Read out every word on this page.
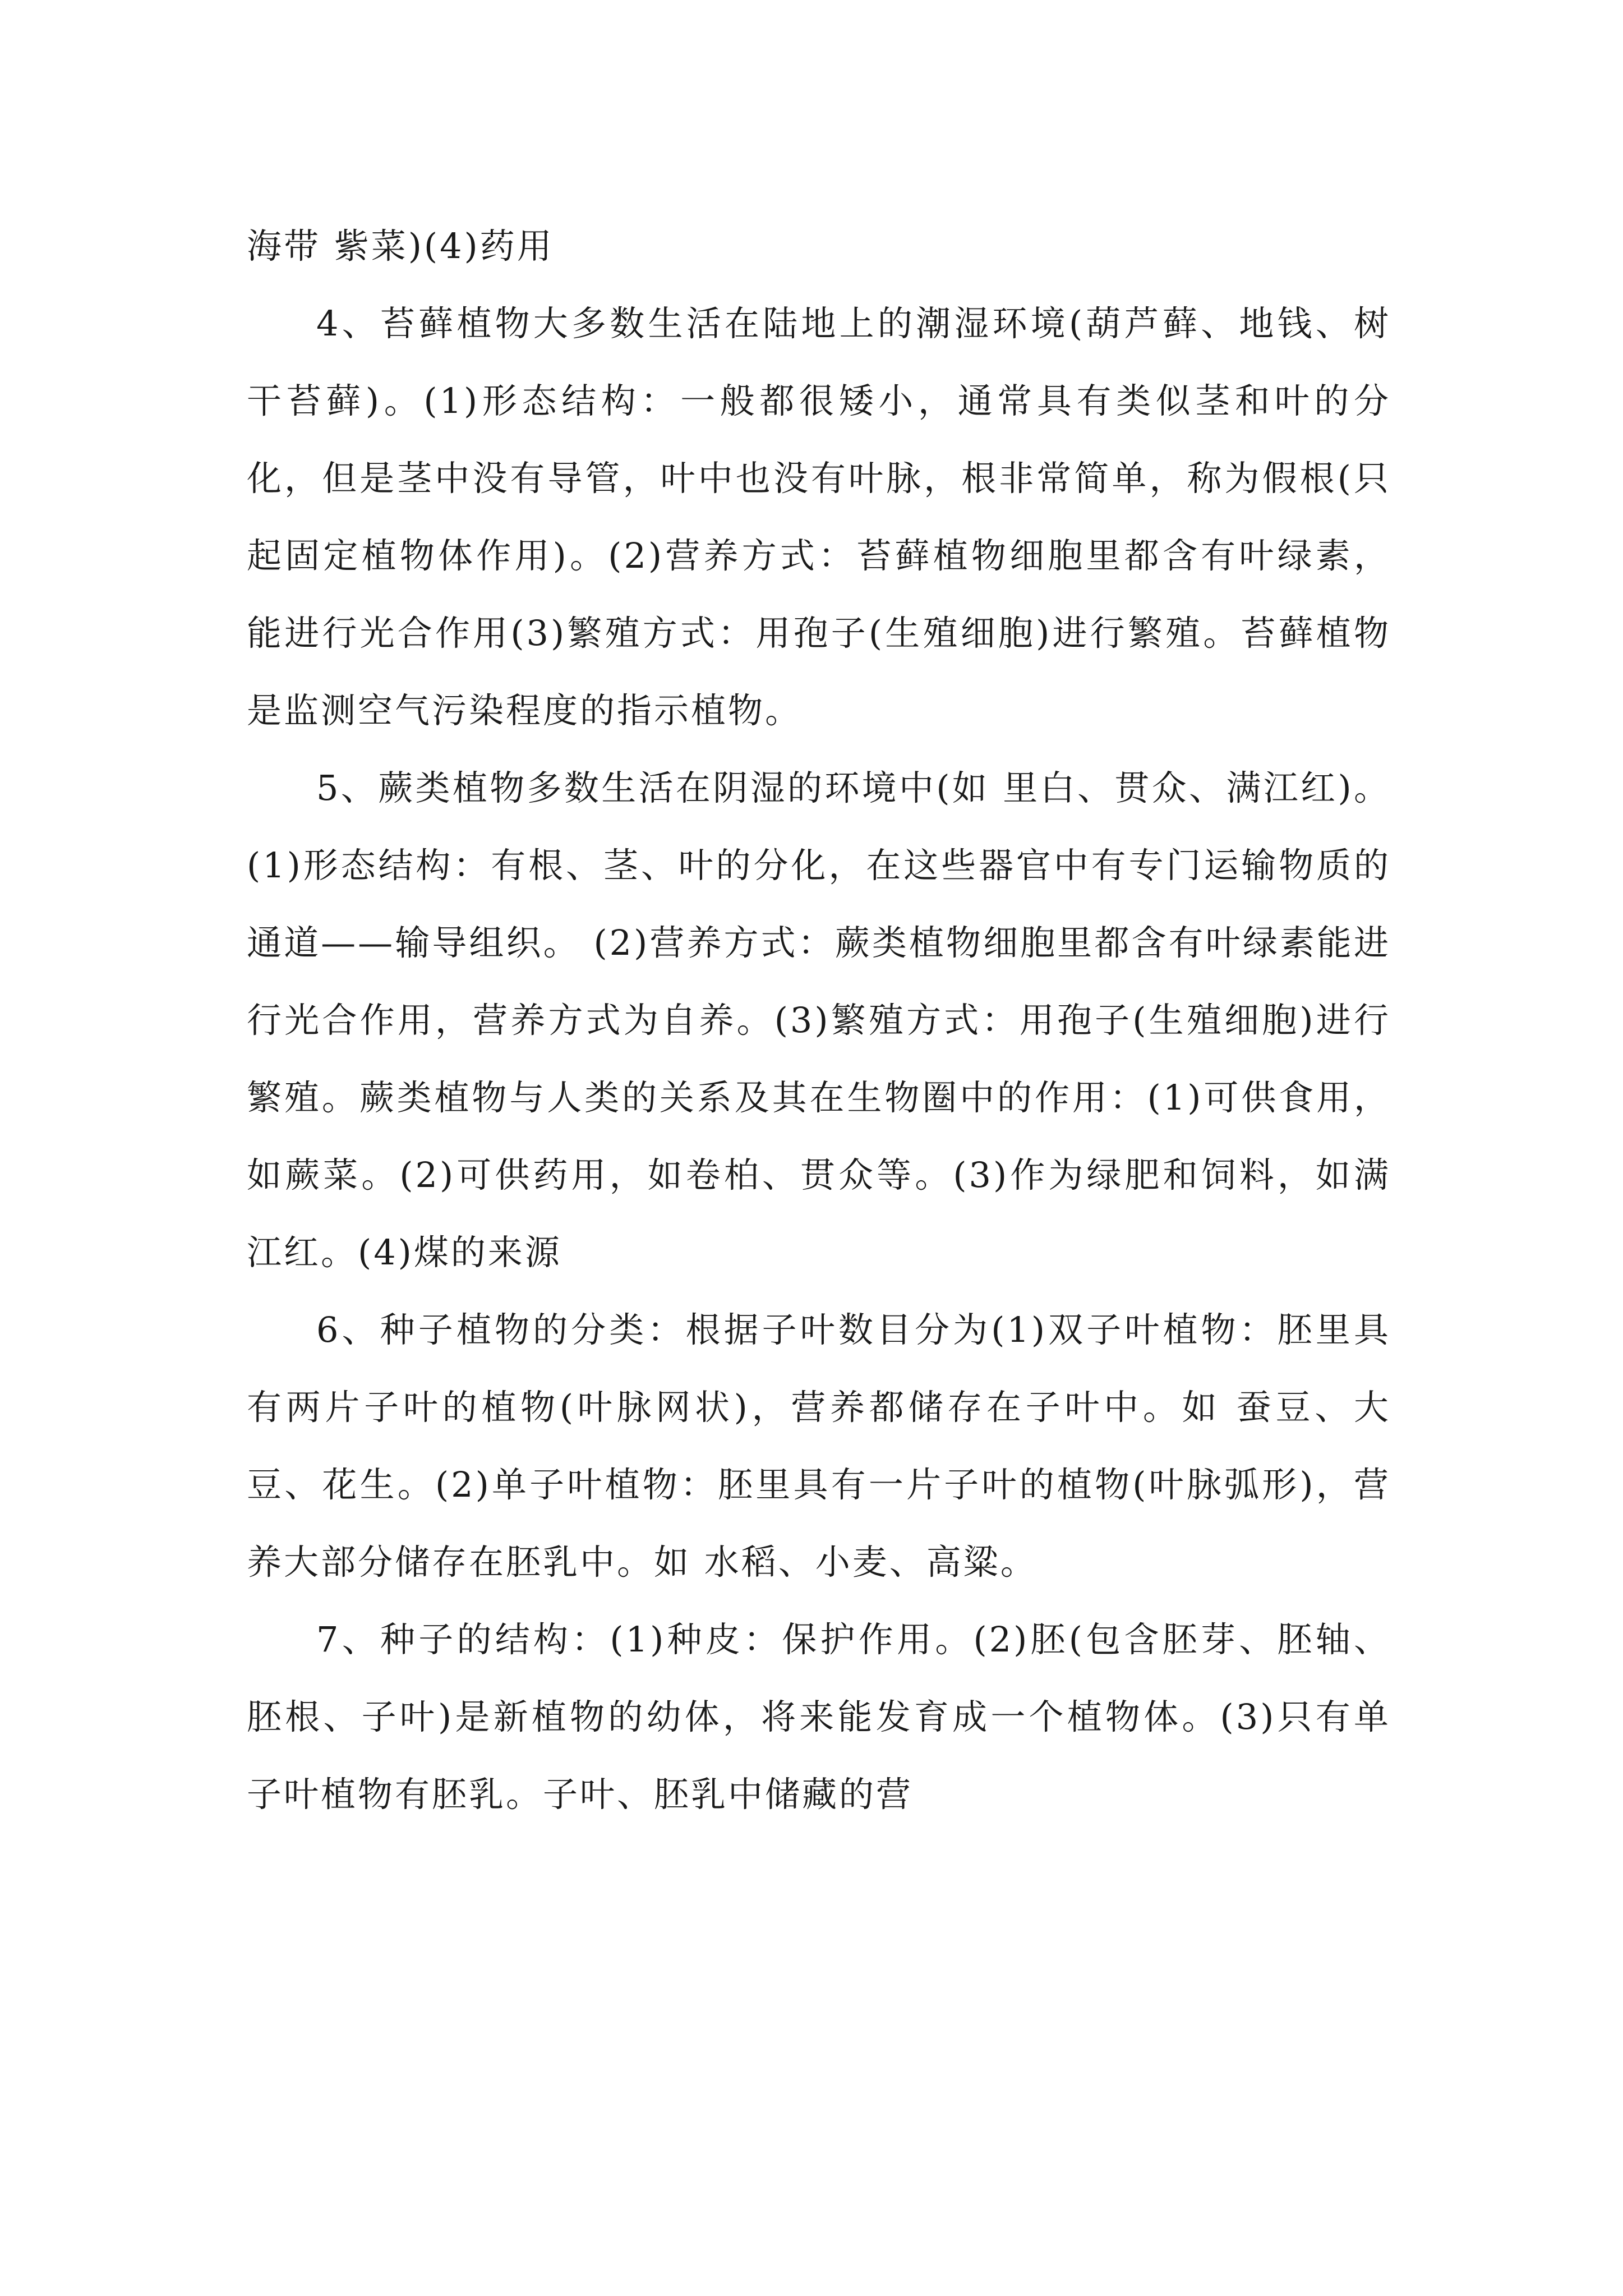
海带 紫菜)(4)药用

4、苔藓植物大多数生活在陆地上的潮湿环境(葫芦藓、地钱、树干苔藓)。(1)形态结构：一般都很矮小，通常具有类似茎和叶的分化，但是茎中没有导管，叶中也没有叶脉，根非常简单，称为假根(只起固定植物体作用)。(2)营养方式：苔藓植物细胞里都含有叶绿素，能进行光合作用(3)繁殖方式：用孢子(生殖细胞)进行繁殖。苔藓植物是监测空气污染程度的指示植物。

5、蕨类植物多数生活在阴湿的环境中(如 里白、贯众、满江红)。(1)形态结构：有根、茎、叶的分化，在这些器官中有专门运输物质的通道——输导组织。 (2)营养方式：蕨类植物细胞里都含有叶绿素能进行光合作用，营养方式为自养。(3)繁殖方式：用孢子(生殖细胞)进行繁殖。蕨类植物与人类的关系及其在生物圈中的作用：(1)可供食用，如蕨菜。(2)可供药用，如卷柏、贯众等。(3)作为绿肥和饲料，如满江红。(4)煤的来源

6、种子植物的分类：根据子叶数目分为(1)双子叶植物：胚里具有两片子叶的植物(叶脉网状)，营养都储存在子叶中。如 蚕豆、大豆、花生。(2)单子叶植物：胚里具有一片子叶的植物(叶脉弧形)，营养大部分储存在胚乳中。如 水稻、小麦、高粱。

7、种子的结构：(1)种皮：保护作用。(2)胚(包含胚芽、胚轴、胚根、子叶)是新植物的幼体，将来能发育成一个植物体。(3)只有单子叶植物有胚乳。子叶、胚乳中储藏的营
